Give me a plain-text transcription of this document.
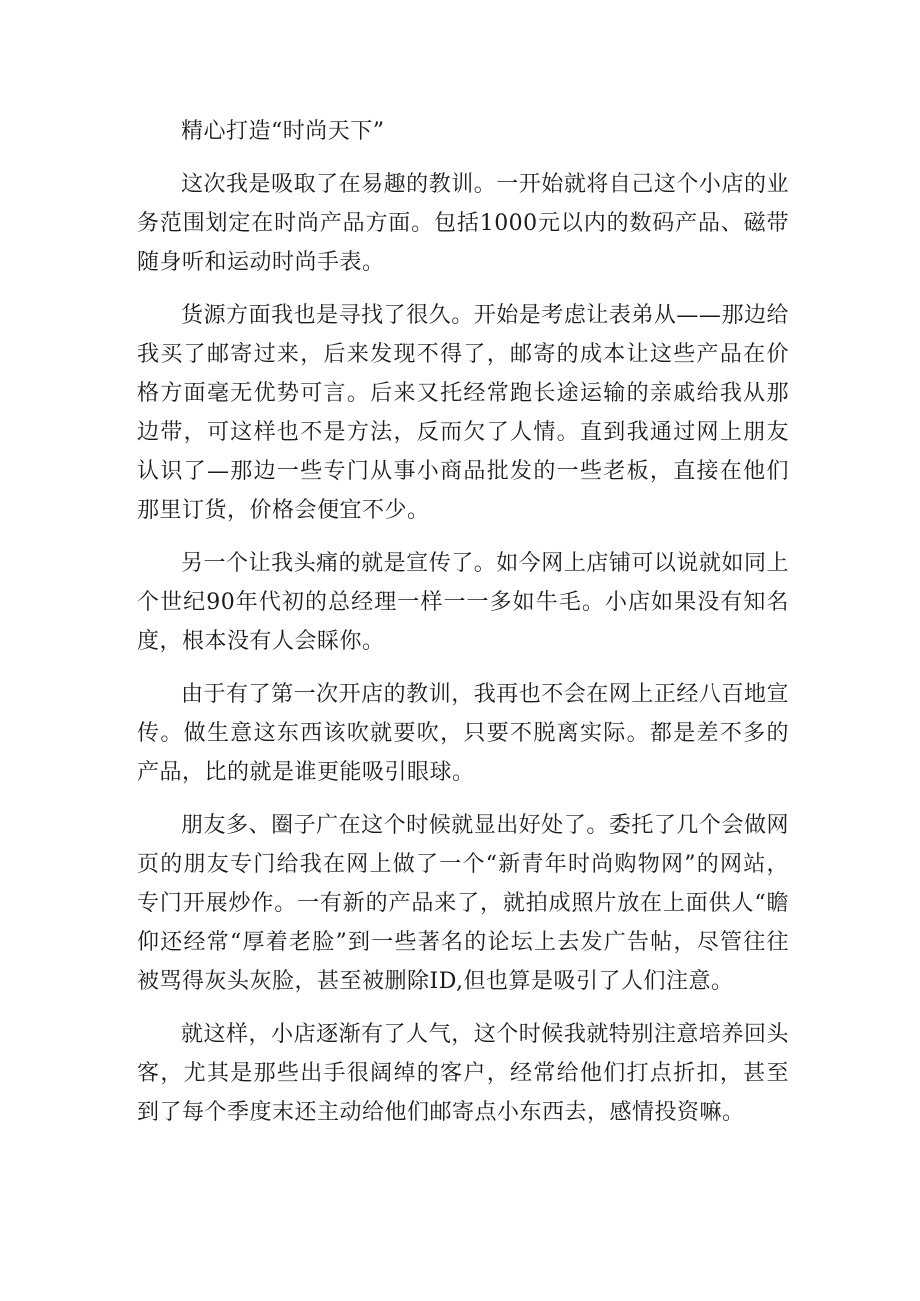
精心打造“时尚天下”

这次我是吸取了在易趣的教训。一开始就将自己这个小店的业务范围划定在时尚产品方面。包括1000元以内的数码产品、磁带随身听和运动时尚手表。

货源方面我也是寻找了很久。开始是考虑让表弟从——那边给我买了邮寄过来，后来发现不得了，邮寄的成本让这些产品在价格方面毫无优势可言。后来又托经常跑长途运输的亲戚给我从那边带，可这样也不是方法，反而欠了人情。直到我通过网上朋友认识了—那边一些专门从事小商品批发的一些老板，直接在他们那里订货，价格会便宜不少。

另一个让我头痛的就是宣传了。如今网上店铺可以说就如同上个世纪90年代初的总经理一样一一多如牛毛。小店如果没有知名度，根本没有人会睬你。

由于有了第一次开店的教训，我再也不会在网上正经八百地宣传。做生意这东西该吹就要吹，只要不脱离实际。都是差不多的产品，比的就是谁更能吸引眼球。

朋友多、圈子广在这个时候就显出好处了。委托了几个会做网页的朋友专门给我在网上做了一个“新青年时尚购物网”的网站，专门开展炒作。一有新的产品来了，就拍成照片放在上面供人“瞻仰还经常“厚着老脸”到一些著名的论坛上去发广告帖，尽管往往被骂得灰头灰脸，甚至被删除ID,但也算是吸引了人们注意。

就这样，小店逐渐有了人气，这个时候我就特别注意培养回头客，尤其是那些出手很阔绰的客户，经常给他们打点折扣，甚至到了每个季度末还主动给他们邮寄点小东西去，感情投资嘛。
